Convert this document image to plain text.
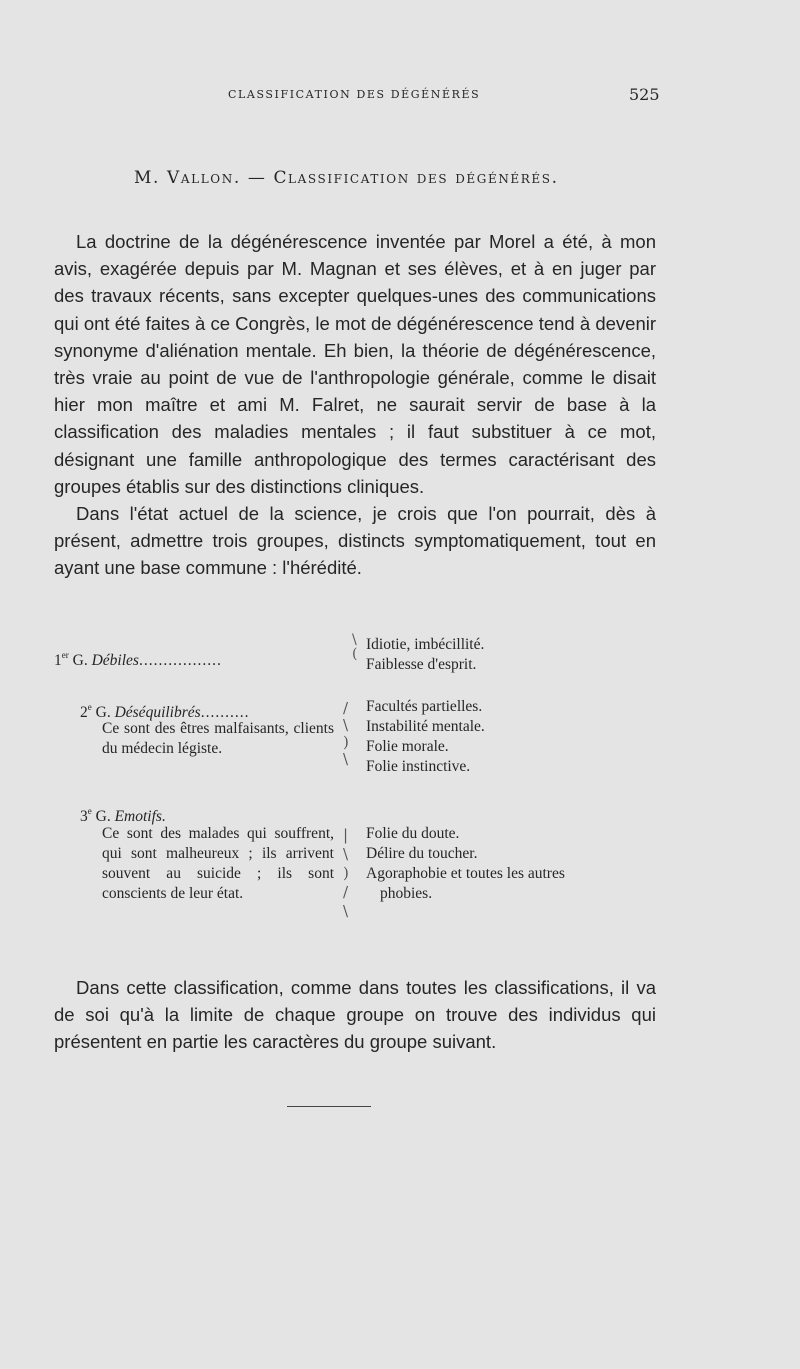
CLASSIFICATION DES DÉGÉNÉRÉS	525
M. Vallon. — Classification des dégénérés.

La doctrine de la dégénérescence inventée par Morel a été, à mon avis, exagérée depuis par M. Magnan et ses élèves, et à en juger par des travaux récents, sans excepter quelques-unes des communications qui ont été faites à ce Congrès, le mot de dégénérescence tend à devenir synonyme d'aliénation mentale. Eh bien, la théorie de dégénérescence, très vraie au point de vue de l'anthropologie générale, comme le disait hier mon maître et ami M. Falret, ne saurait servir de base à la classification des maladies mentales ; il faut substituer à ce mot, désignant une famille anthropologique des termes caractérisant des groupes établis sur des distinctions cliniques.

Dans l'état actuel de la science, je crois que l'on pourrait, dès à présent, admettre trois groupes, distincts symptomatiquement, tout en ayant une base commune : l'hérédité.

1er G. Débiles.................
\
(
Idiotie, imbécillité.
Faiblesse d'esprit.
2e G. Déséquilibrés..........
Ce sont des êtres malfaisants, clients du médecin légiste.
/
\
)
\
Facultés partielles.
Instabilité mentale.
Folie morale.
Folie instinctive.
3e G. Emotifs.
Ce sont des malades qui souffrent, qui sont malheureux ; ils arrivent souvent au suicide ; ils sont conscients de leur état.
|
\
)
/
\
Folie du doute.
Délire du toucher.
Agoraphobie et toutes les autres
phobies.

Dans cette classification, comme dans toutes les classifications, il va de soi qu'à la limite de chaque groupe on trouve des individus qui présentent en partie les caractères du groupe suivant.
